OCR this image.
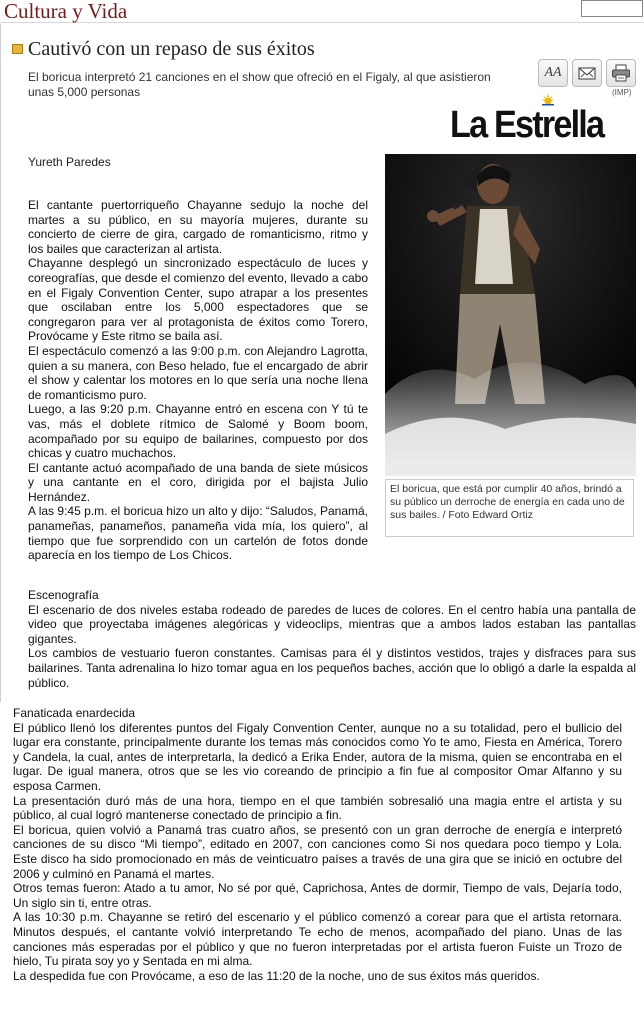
Cultura y Vida
Cautivó con un repaso de sus éxitos
El boricua interpretó 21 canciones en el show que ofreció en el Figaly, al que asistieron unas 5,000 personas
AA
(IMP)
La Estrella
Yureth Paredes

El cantante puertorriqueño Chayanne sedujo la noche del martes a su público, en su mayoría mujeres, durante su concierto de cierre de gira, cargado de romanticismo, ritmo y los bailes que caracterizan al artista.

Chayanne desplegó un sincronizado espectáculo de luces y coreografías, que desde el comienzo del evento, llevado a cabo en el Figaly Convention Center, supo atrapar a los presentes que oscilaban entre los 5,000 espectadores que se congregaron para ver al protagonista de éxitos como Torero, Provócame y Este ritmo se baila así.

El espectáculo comenzó a las 9:00 p.m. con Alejandro Lagrotta, quien a su manera, con Beso helado, fue el encargado de abrir el show y calentar los motores en lo que sería una noche llena de romanticismo puro.

Luego, a las 9:20 p.m. Chayanne entró en escena con Y tú te vas, más el doblete rítmico de Salomé y Boom boom, acompañado por su equipo de bailarines, compuesto por dos chicas y cuatro muchachos.

El cantante actuó acompañado de una banda de siete músicos y una cantante en el coro, dirigida por el bajista Julio Hernández.

A las 9:45 p.m. el boricua hizo un alto y dijo: “Saludos, Panamá, panameñas, panameños, panameña vida mía, los quiero”, al tiempo que fue sorprendido con un cartelón de fotos donde aparecía en los tiempo de Los Chicos.

El boricua, que está por cumplir 40 años, brindó a su público un derroche de energía en cada uno de sus bailes. / Foto Edward Ortiz

Escenografía

El escenario de dos niveles estaba rodeado de paredes de luces de colores. En el centro había una pantalla de video que proyectaba imágenes alegóricas y videoclips, mientras que a ambos lados estaban las pantallas gigantes.

Los cambios de vestuario fueron constantes. Camisas para él y distintos vestidos, trajes y disfraces para sus bailarines. Tanta adrenalina lo hizo tomar agua en los pequeños baches, acción que lo obligó a darle la espalda al público.

Fanaticada enardecida

El público llenó los diferentes puntos del Figaly Convention Center, aunque no a su totalidad, pero el bullicio del lugar era constante, principalmente durante los temas más conocidos como Yo te amo, Fiesta en América, Torero y Candela, la cual, antes de interpretarla, la dedicó a Erika Ender, autora de la misma, quien se encontraba en el lugar. De igual manera, otros que se les vio coreando de principio a fin fue al compositor Omar Alfanno y su esposa Carmen.

La presentación duró más de una hora, tiempo en el que también sobresalió una magia entre el artista y su público, al cual logró mantenerse conectado de principio a fin.

El boricua, quien volvió a Panamá tras cuatro años, se presentó con un gran derroche de energía e interpretó canciones de su disco “Mi tiempo”, editado en 2007, con canciones como Si nos quedara poco tiempo y Lola. Este disco ha sido promocionado en más de veinticuatro países a través de una gira que se inició en octubre del 2006 y culminó en Panamá el martes.

Otros temas fueron: Atado a tu amor, No sé por qué, Caprichosa, Antes de dormir, Tiempo de vals, Dejaría todo, Un siglo sin ti, entre otras.

A las 10:30 p.m. Chayanne se retiró del escenario y el público comenzó a corear para que el artista retornara. Minutos después, el cantante volvió interpretando Te echo de menos, acompañado del piano. Unas de las canciones más esperadas por el público y que no fueron interpretadas por el artista fueron Fuiste un Trozo de hielo, Tu pirata soy yo y Sentada en mi alma.

La despedida fue con Provócame, a eso de las 11:20 de la noche, uno de sus éxitos más queridos.
